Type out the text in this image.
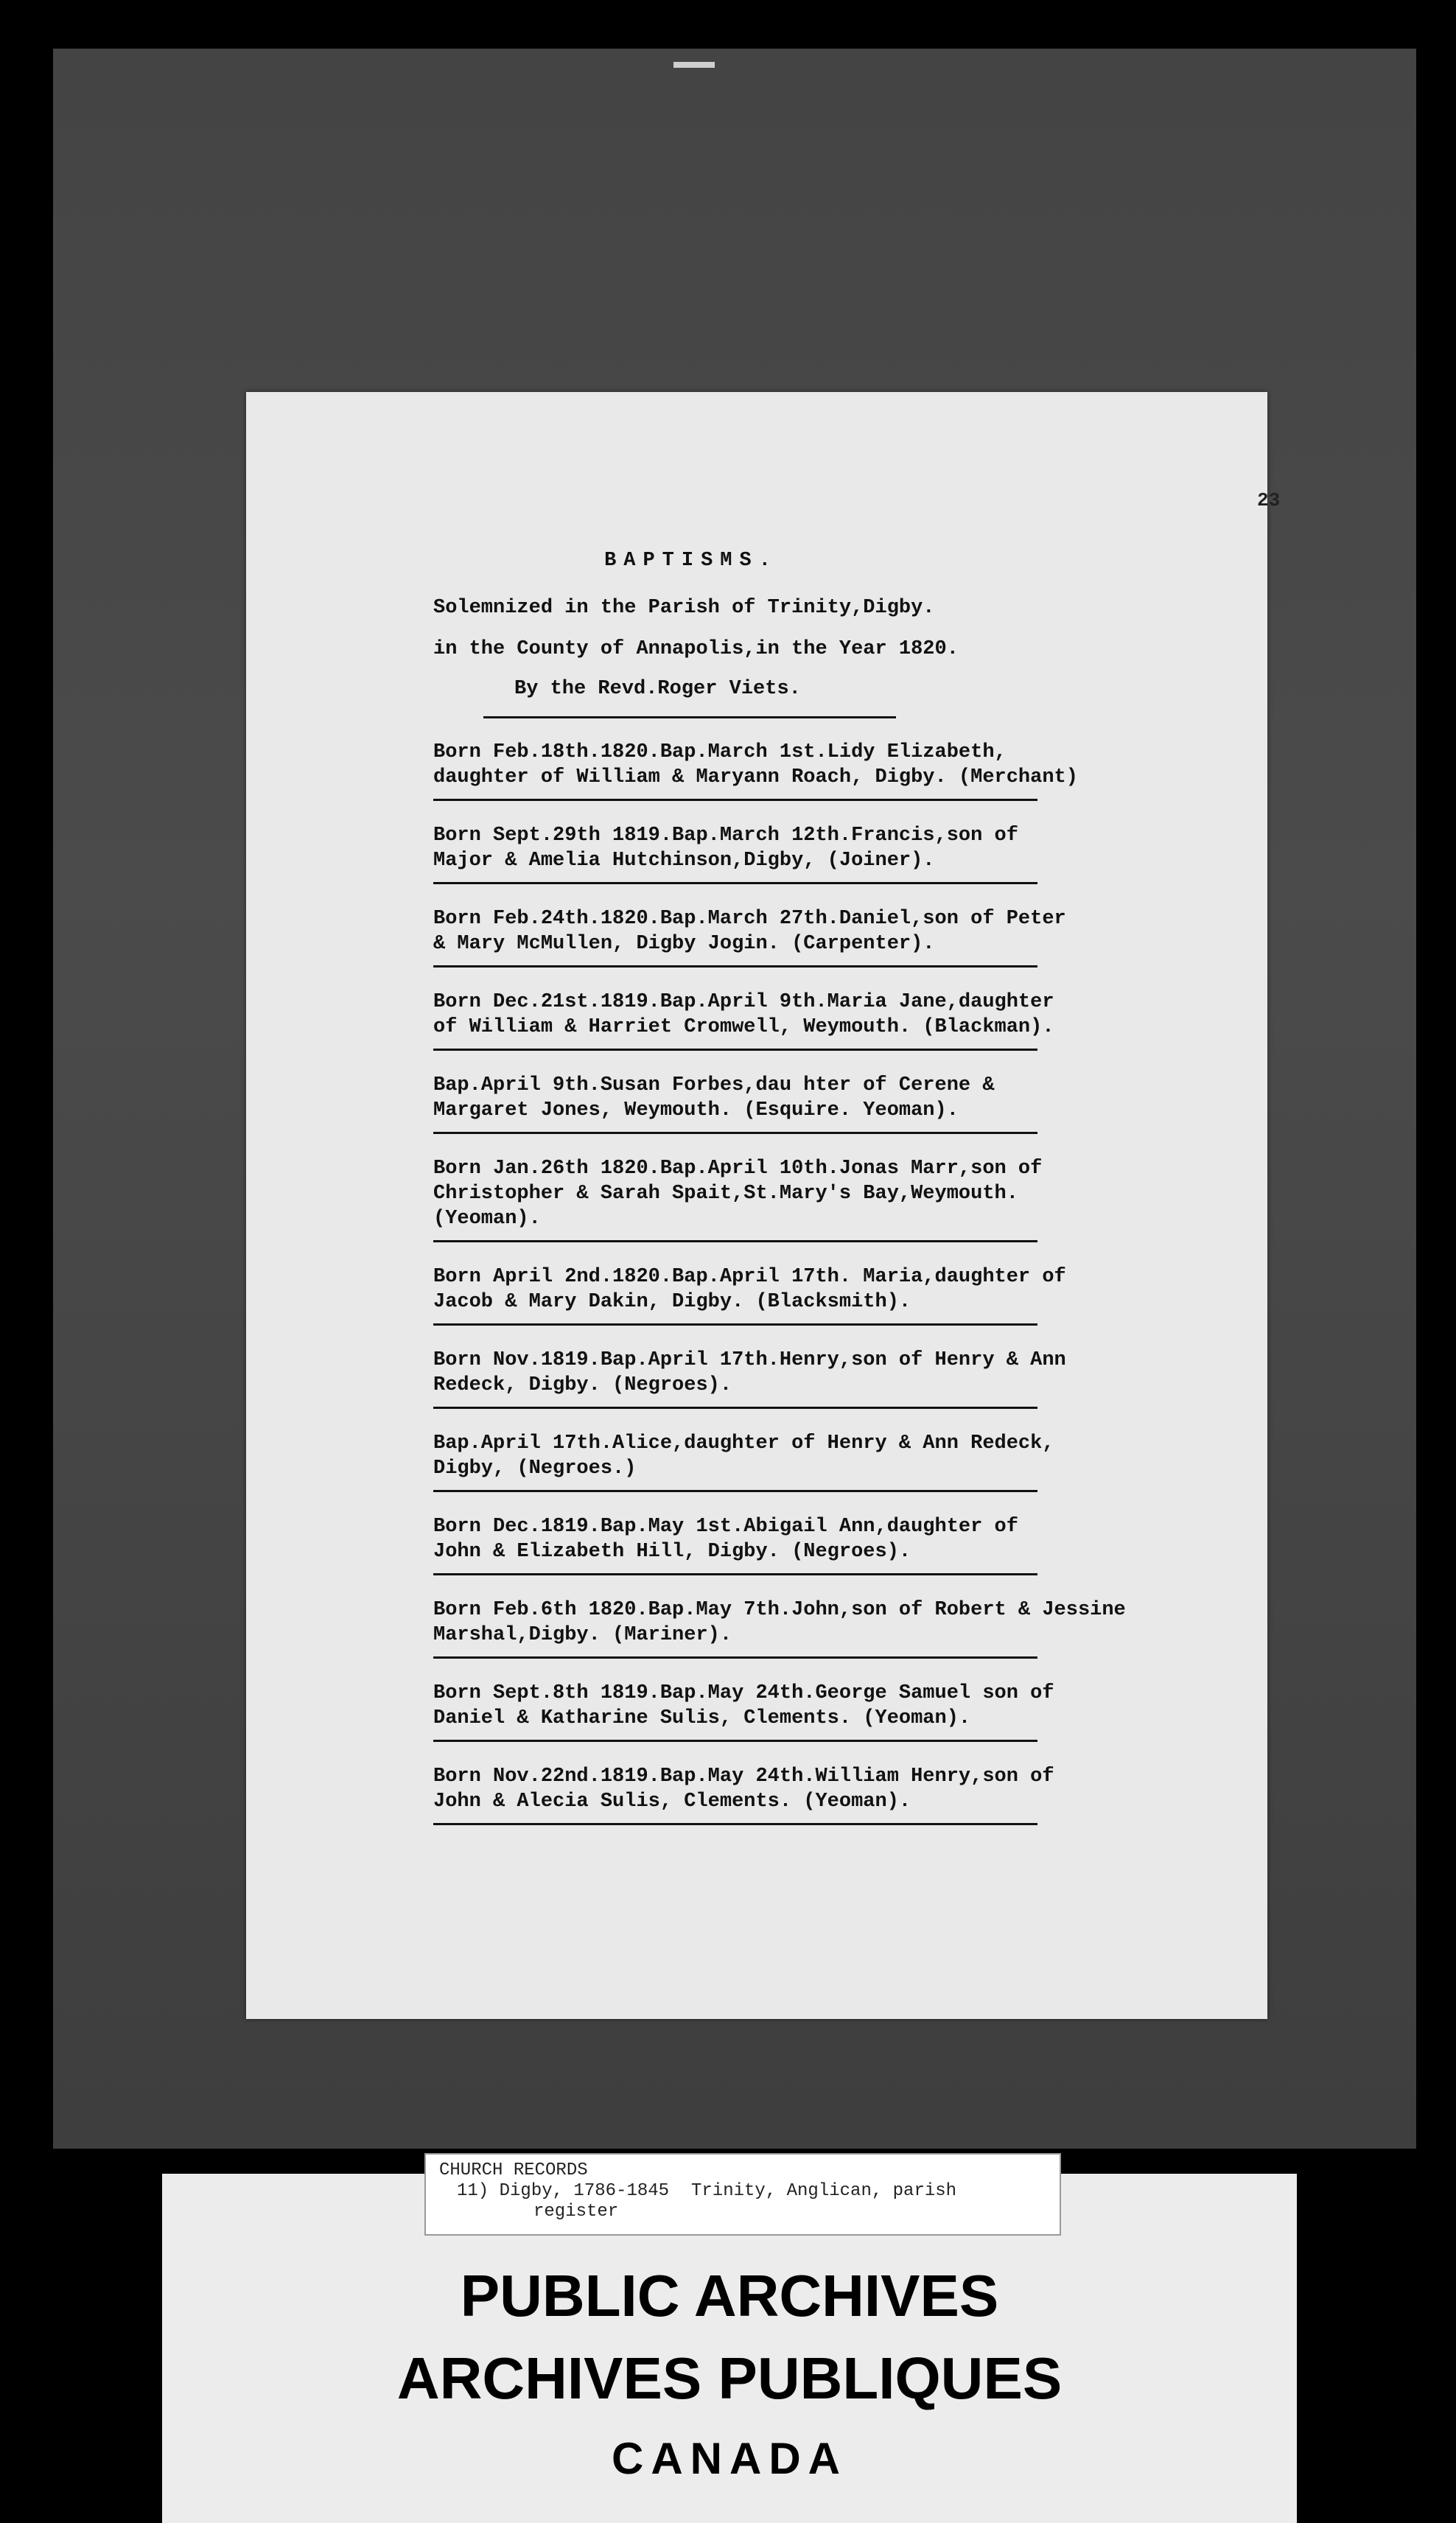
23
BAPTISMS.
Solemnized in the Parish of Trinity,Digby.
in the County of Annapolis,in the Year 1820.
By the Revd.Roger Viets.
Born Feb.18th.1820.Bap.March 1st.Lidy Elizabeth,
daughter of William & Maryann Roach, Digby. (Merchant)
Born Sept.29th 1819.Bap.March 12th.Francis,son of
Major & Amelia Hutchinson,Digby, (Joiner).
Born Feb.24th.1820.Bap.March 27th.Daniel,son of Peter
& Mary McMullen, Digby Jogin. (Carpenter).
Born Dec.21st.1819.Bap.April 9th.Maria Jane,daughter
of William & Harriet Cromwell, Weymouth. (Blackman).
Bap.April 9th.Susan Forbes,dau hter of Cerene &
Margaret Jones, Weymouth. (Esquire. Yeoman).
Born Jan.26th 1820.Bap.April 10th.Jonas Marr,son of
Christopher & Sarah Spait,St.Mary's Bay,Weymouth.
(Yeoman).
Born April 2nd.1820.Bap.April 17th. Maria,daughter of
Jacob & Mary Dakin, Digby. (Blacksmith).
Born Nov.1819.Bap.April 17th.Henry,son of Henry & Ann
Redeck, Digby. (Negroes).
Bap.April 17th.Alice,daughter of Henry & Ann Redeck,
Digby, (Negroes.)
Born Dec.1819.Bap.May 1st.Abigail Ann,daughter of
John & Elizabeth Hill, Digby. (Negroes).
Born Feb.6th 1820.Bap.May 7th.John,son of Robert & Jessine
Marshal,Digby. (Mariner).
Born Sept.8th 1819.Bap.May 24th.George Samuel son of
Daniel & Katharine Sulis, Clements. (Yeoman).
Born Nov.22nd.1819.Bap.May 24th.William Henry,son of
John & Alecia Sulis, Clements. (Yeoman).
PUBLIC ARCHIVES
ARCHIVES PUBLIQUES
CANADA
CHURCH RECORDS
11) Digby, 1786-1845 Trinity, Anglican, parish
register
